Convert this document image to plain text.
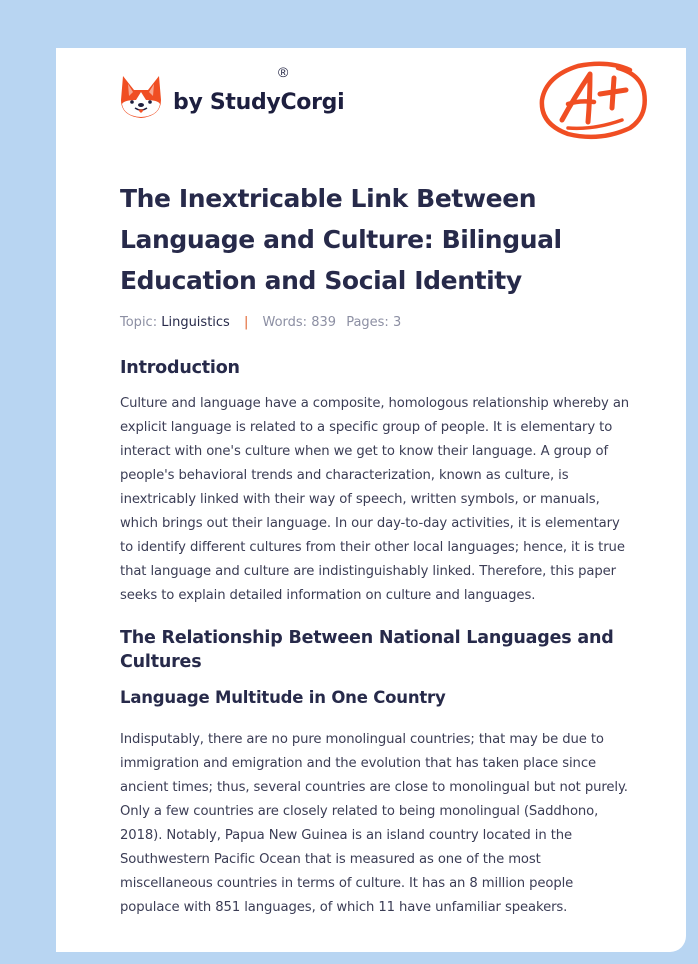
by StudyCorgi
®
The Inextricable Link Between Language and Culture: Bilingual Education and Social Identity
Topic: Linguistics | Words: 839 Pages: 3
Introduction

Culture and language have a composite, homologous relationship whereby an explicit language is related to a specific group of people. It is elementary to interact with one's culture when we get to know their language. A group of people's behavioral trends and characterization, known as culture, is inextricably linked with their way of speech, written symbols, or manuals, which brings out their language. In our day-to-day activities, it is elementary to identify different cultures from their other local languages; hence, it is true that language and culture are indistinguishably linked. Therefore, this paper seeks to explain detailed information on culture and languages.

The Relationship Between National Languages and Cultures
Language Multitude in One Country

Indisputably, there are no pure monolingual countries; that may be due to immigration and emigration and the evolution that has taken place since ancient times; thus, several countries are close to monolingual but not purely. Only a few countries are closely related to being monolingual (Saddhono, 2018). Notably, Papua New Guinea is an island country located in the Southwestern Pacific Ocean that is measured as one of the most miscellaneous countries in terms of culture. It has an 8 million people populace with 851 languages, of which 11 have unfamiliar speakers.
